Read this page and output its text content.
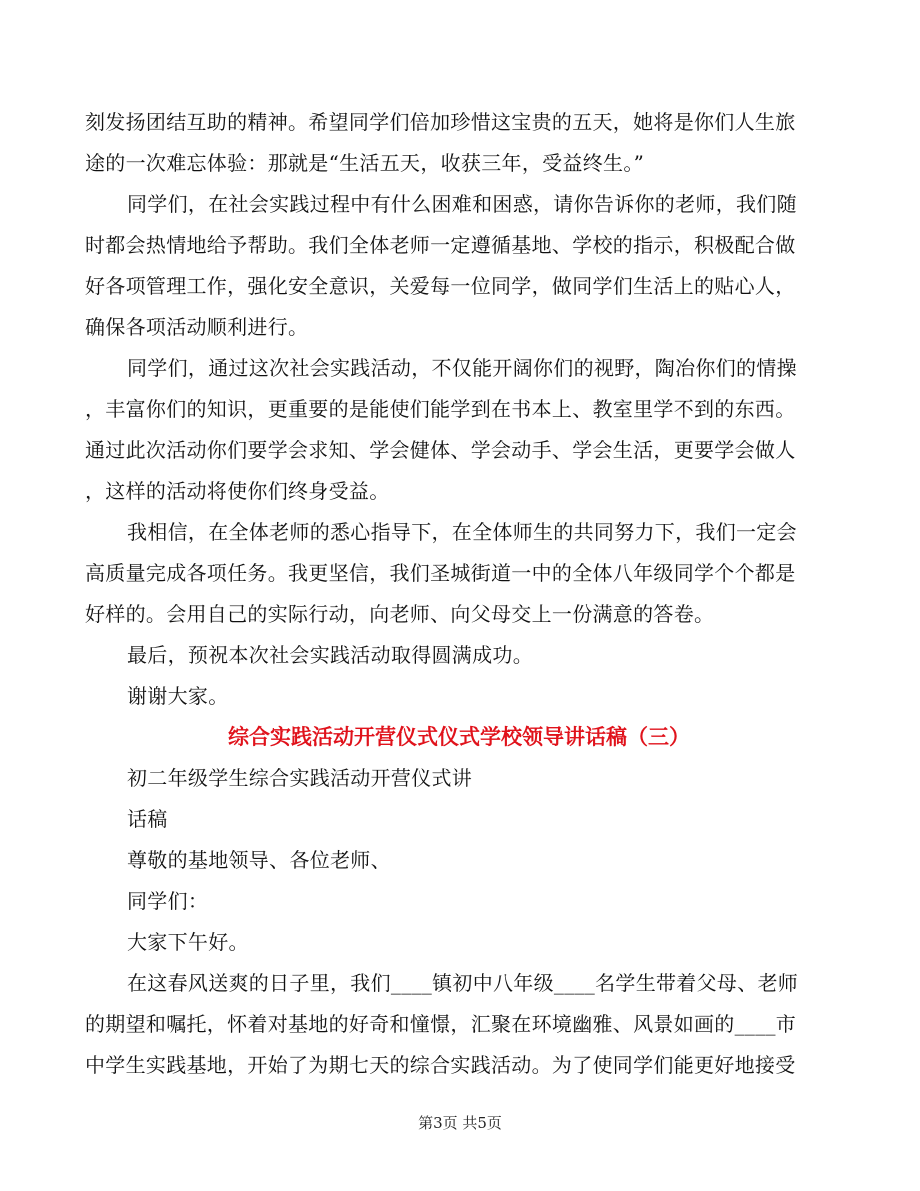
刻发扬团结互助的精神。希望同学们倍加珍惜这宝贵的五天，她将是你们人生旅
途的一次难忘体验：那就是“生活五天，收获三年，受益终生。”
同学们，在社会实践过程中有什么困难和困惑，请你告诉你的老师，我们随
时都会热情地给予帮助。我们全体老师一定遵循基地、学校的指示，积极配合做
好各项管理工作，强化安全意识，关爱每一位同学，做同学们生活上的贴心人，
确保各项活动顺利进行。
同学们，通过这次社会实践活动，不仅能开阔你们的视野，陶冶你们的情操
，丰富你们的知识，更重要的是能使们能学到在书本上、教室里学不到的东西。
通过此次活动你们要学会求知、学会健体、学会动手、学会生活，更要学会做人
，这样的活动将使你们终身受益。
我相信，在全体老师的悉心指导下，在全体师生的共同努力下，我们一定会
高质量完成各项任务。我更坚信，我们圣城街道一中的全体八年级同学个个都是
好样的。会用自己的实际行动，向老师、向父母交上一份满意的答卷。
最后，预祝本次社会实践活动取得圆满成功。
谢谢大家。
综合实践活动开营仪式仪式学校领导讲话稿（三）
初二年级学生综合实践活动开营仪式讲
话稿
尊敬的基地领导、各位老师、
同学们：
大家下午好。
在这春风送爽的日子里，我们____镇初中八年级____名学生带着父母、老师
的期望和嘱托，怀着对基地的好奇和憧憬，汇聚在环境幽雅、风景如画的____市
中学生实践基地，开始了为期七天的综合实践活动。为了使同学们能更好地接受
第3页 共5页
